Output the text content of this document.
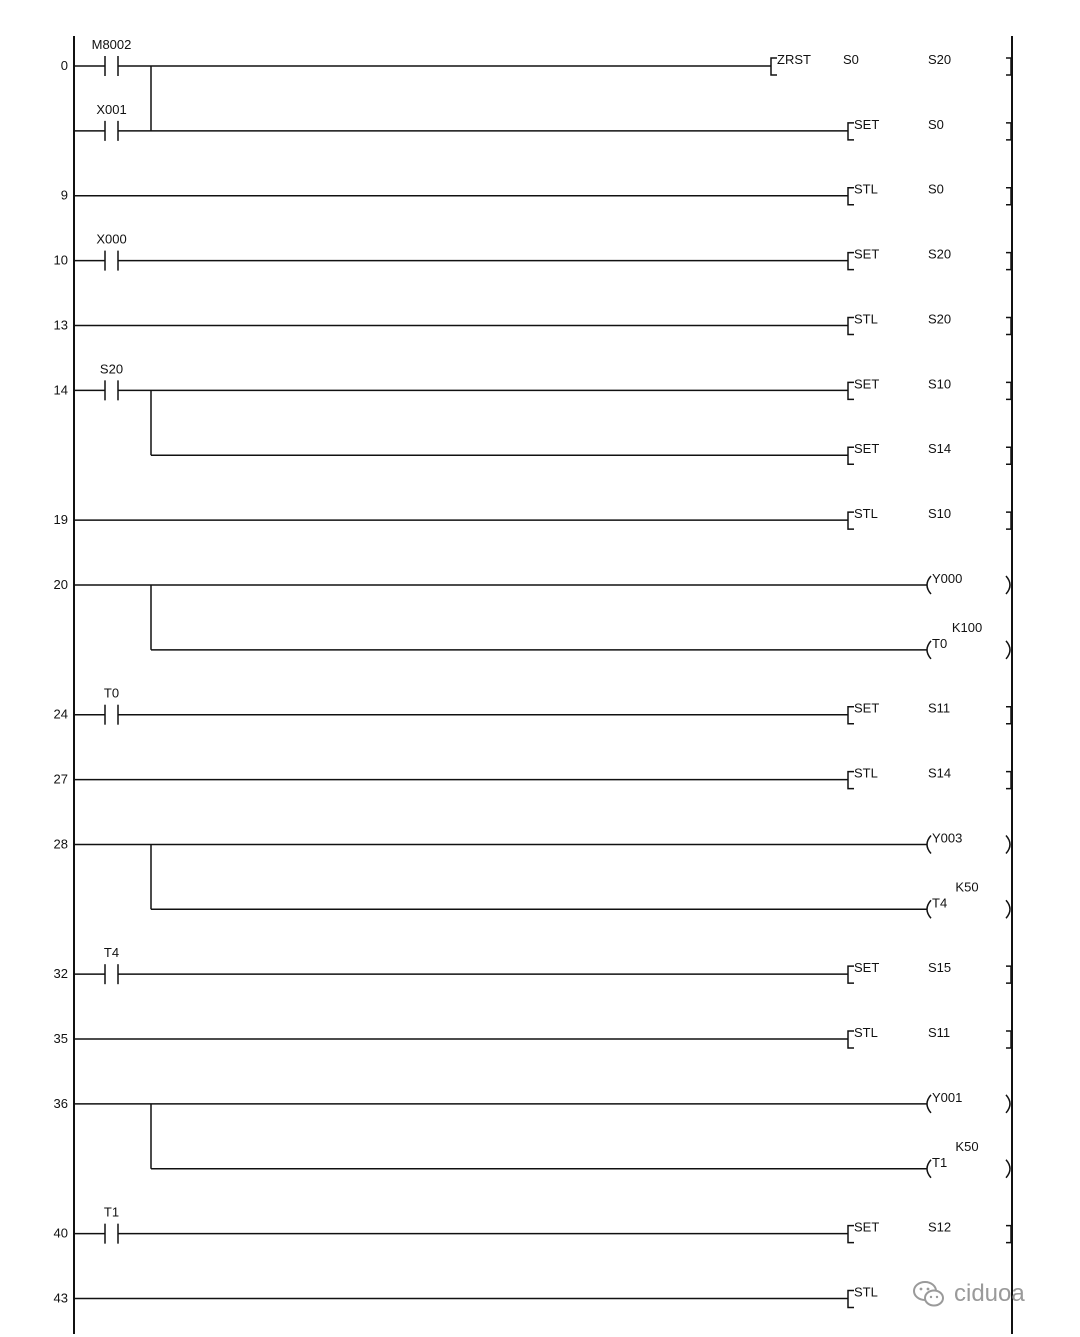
0
M8002
X001
ZRST S0	S20
SET	S0
9	STL	S0
10
X000
SET	S20
13	STL	S20
14
S20
SET	S10
SET	S14
19	STL	S10
20	Y000
T0
K100
24
T0
SET	S11
27	STL	S14
28	Y003
T4
K50
32
T4
SET	S15
35	STL	S11
36	Y001
T1
K50
40
T1
SET	S12
43	STL	ciduoa
